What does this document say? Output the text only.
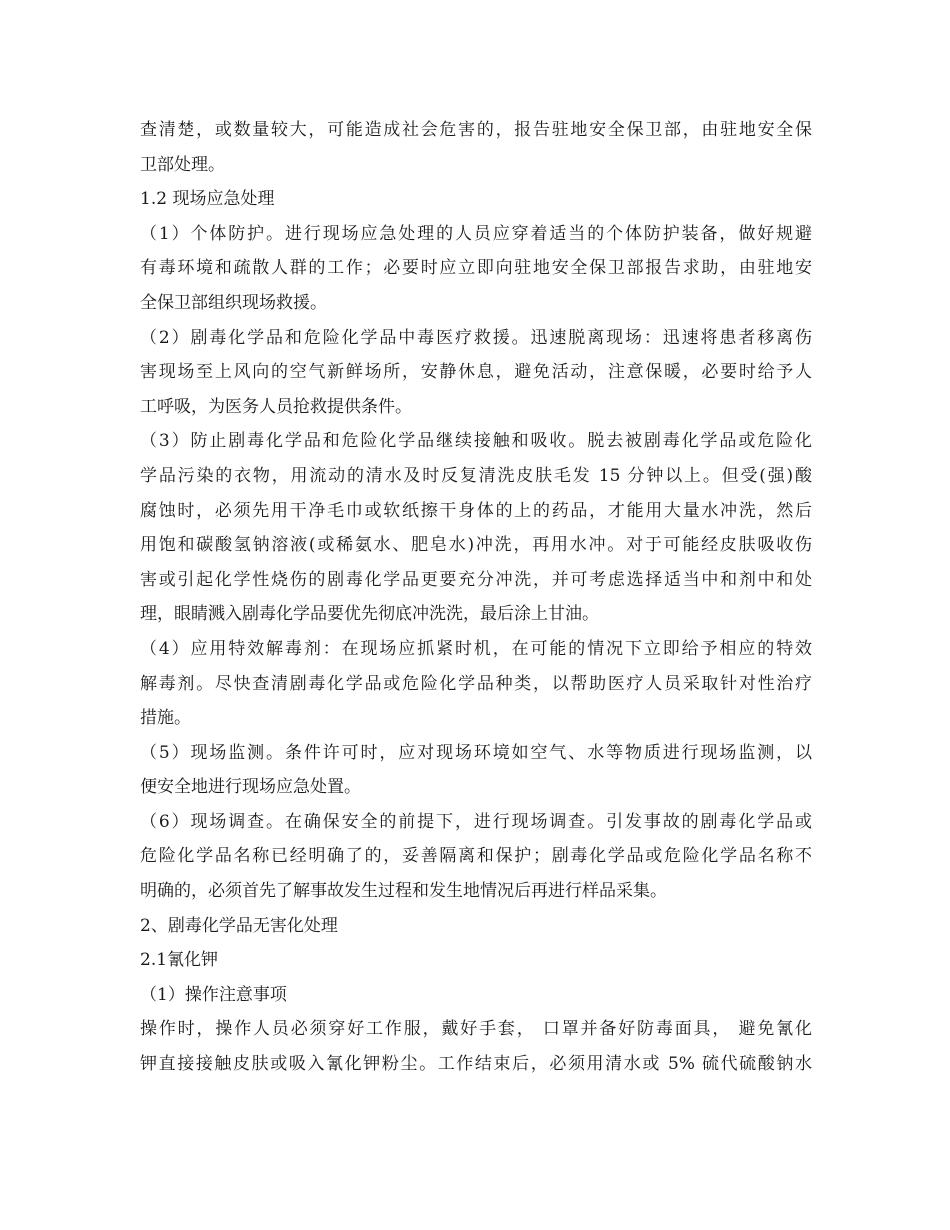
查清楚，或数量较大，可能造成社会危害的，报告驻地安全保卫部，由驻地安全保
卫部处理。
1.2 现场应急处理
（1）个体防护。进行现场应急处理的人员应穿着适当的个体防护装备，做好规避
有毒环境和疏散人群的工作；必要时应立即向驻地安全保卫部报告求助，由驻地安
全保卫部组织现场救援。
（2）剧毒化学品和危险化学品中毒医疗救援。迅速脱离现场：迅速将患者移离伤
害现场至上风向的空气新鲜场所，安静休息，避免活动，注意保暖，必要时给予人
工呼吸，为医务人员抢救提供条件。
（3）防止剧毒化学品和危险化学品继续接触和吸收。脱去被剧毒化学品或危险化
学品污染的衣物，用流动的清水及时反复清洗皮肤毛发 15 分钟以上。但受(强)酸
腐蚀时，必须先用干净毛巾或软纸擦干身体的上的药品，才能用大量水冲洗，然后
用饱和碳酸氢钠溶液(或稀氨水、肥皂水)冲洗，再用水冲。对于可能经皮肤吸收伤
害或引起化学性烧伤的剧毒化学品更要充分冲洗，并可考虑选择适当中和剂中和处
理，眼睛溅入剧毒化学品要优先彻底冲洗洗，最后涂上甘油。
（4）应用特效解毒剂：在现场应抓紧时机，在可能的情况下立即给予相应的特效
解毒剂。尽快查清剧毒化学品或危险化学品种类，以帮助医疗人员采取针对性治疗
措施。
（5）现场监测。条件许可时，应对现场环境如空气、水等物质进行现场监测，以
便安全地进行现场应急处置。
（6）现场调查。在确保安全的前提下，进行现场调查。引发事故的剧毒化学品或
危险化学品名称已经明确了的，妥善隔离和保护；剧毒化学品或危险化学品名称不
明确的，必须首先了解事故发生过程和发生地情况后再进行样品采集。
2、剧毒化学品无害化处理
2.1氰化钾
（1）操作注意事项
操作时，操作人员必须穿好工作服，戴好手套， 口罩并备好防毒面具， 避免氰化
钾直接接触皮肤或吸入氰化钾粉尘。工作结束后，必须用清水或 5% 硫代硫酸钠水
